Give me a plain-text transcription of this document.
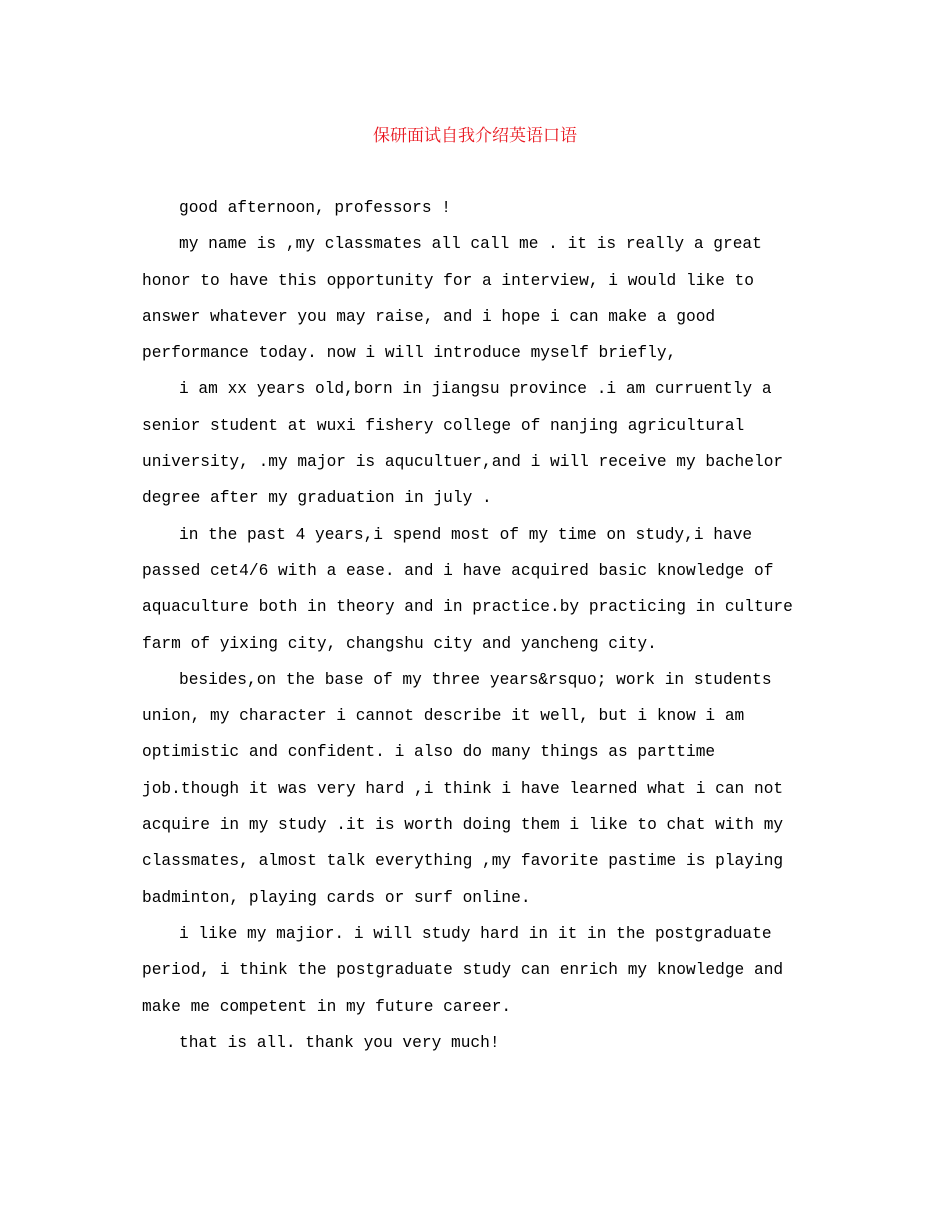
保研面试自我介绍英语口语

good afternoon, professors !

my name is ,my classmates all call me . it is really a great honor to have this opportunity for a interview, i would like to answer whatever you may raise, and i hope i can make a good performance today. now i will introduce myself briefly,

i am xx years old,born in jiangsu province .i am curruently a senior student at wuxi fishery college of nanjing agricultural university, .my major is aqucultuer,and i will receive my bachelor degree after my graduation in july .

in the past 4 years,i spend most of my time on study,i have passed cet4/6 with a ease. and i have acquired basic knowledge of aquaculture both in theory and in practice.by practicing in culture farm of yixing city, changshu city and yancheng city.

besides,on the base of my three years&rsquo; work in students union, my character i cannot describe it well, but i know i am optimistic and confident. i also do many things as parttime job.though it was very hard ,i think i have learned what i can not acquire in my study .it is worth doing them i like to chat with my classmates, almost talk everything ,my favorite pastime is playing badminton, playing cards or surf online.

i like my majior. i will study hard in it in the postgraduate period, i think the postgraduate study can enrich my knowledge and make me competent in my future career.

that is all. thank you very much!
